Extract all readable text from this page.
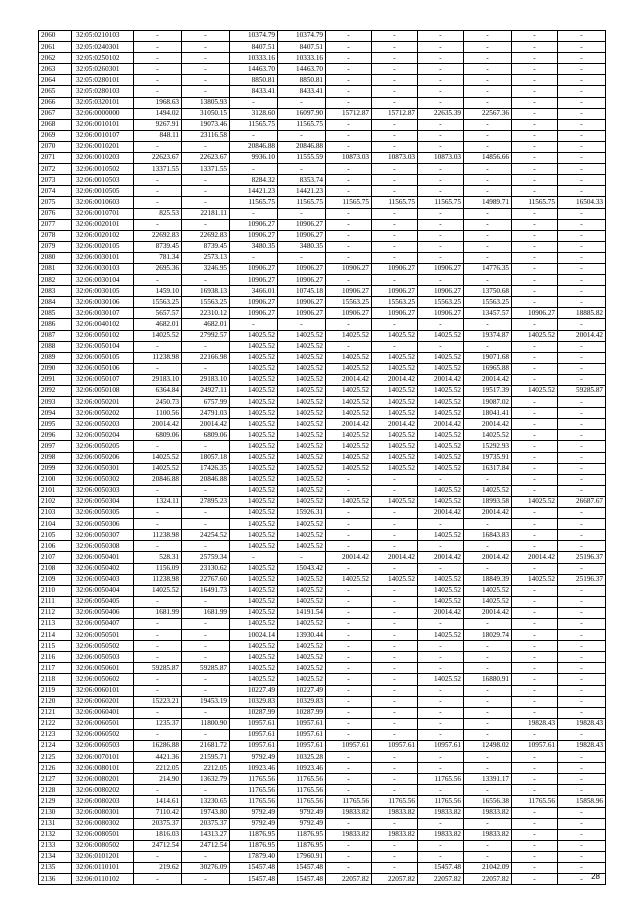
2060	32:05:0210103	-	-	10374.79	10374.79	-	-	-	-	-	-
2061	32:05:0240301	-	-	8407.51	8407.51	-	-	-	-	-	-
2062	32:05:0250102	-	-	10333.16	10333.16	-	-	-	-	-	-
2063	32:05:0260301	-	-	14463.70	14463.70	-	-	-	-	-	-
2064	32:05:0280101	-	-	8850.81	8850.81	-	-	-	-	-	-
2065	32:05:0280103	-	-	8433.41	8433.41	-	-	-	-	-	-
2066	32:05:0320101	1968.63	13805.93	-	-	-	-	-	-	-	-
2067	32:06:0000000	1494.02	31050.15	3128.60	16097.90	15712.87	15712.87	22635.39	22567.36	-	-
2068	32:06:0010101	9267.91	19073.46	11565.75	11565.75	-	-	-	-	-	-
2069	32:06:0010107	848.11	23116.58	-	-	-	-	-	-	-	-
2070	32:06:0010201	-	-	20846.88	20846.88	-	-	-	-	-	-
2071	32:06:0010203	22623.67	22623.67	9936.10	11555.59	10873.03	10873.03	10873.03	14856.66	-	-
2072	32:06:0010502	13371.55	13371.55	-	-	-	-	-	-	-	-
2073	32:06:0010503	-	-	8284.32	8353.74	-	-	-	-	-	-
2074	32:06:0010505	-	-	14421.23	14421.23	-	-	-	-	-	-
2075	32:06:0010603	-	-	11565.75	11565.75	11565.75	11565.75	11565.75	14989.71	11565.75	16504.33
2076	32:06:0010701	825.53	22181.11	-	-	-	-	-	-	-	-
2077	32:06:0020101	-	-	10906.27	10906.27	-	-	-	-	-	-
2078	32:06:0020102	22692.83	22692.83	10906.27	10906.27	-	-	-	-	-	-
2079	32:06:0020105	8739.45	8739.45	3480.35	3480.35	-	-	-	-	-	-
2080	32:06:0030101	781.34	2573.13	-	-	-	-	-	-	-	-
2081	32:06:0030103	2695.36	3246.95	10906.27	10906.27	10906.27	10906.27	10906.27	14776.35	-	-
2082	32:06:0030104	-	-	10906.27	10906.27	-	-	-	-	-	-
2083	32:06:0030105	1459.10	16938.13	3466.01	10745.18	10906.27	10906.27	10906.27	13750.68	-	-
2084	32:06:0030106	15563.25	15563.25	10906.27	10906.27	15563.25	15563.25	15563.25	15563.25	-	-
2085	32:06:0030107	5657.57	22310.12	10906.27	10906.27	10906.27	10906.27	10906.27	13457.57	10906.27	18885.82
2086	32:06:0040102	4682.01	4682.01	-	-	-	-	-	-	-	-
2087	32:06:0050102	14025.52	27992.57	14025.52	14025.52	14025.52	14025.52	14025.52	19374.87	14025.52	20014.42
2088	32:06:0050104	-	-	14025.52	14025.52	-	-	-	-	-	-
2089	32:06:0050105	11238.98	22166.98	14025.52	14025.52	14025.52	14025.52	14025.52	19071.68	-	-
2090	32:06:0050106	-	-	14025.52	14025.52	14025.52	14025.52	14025.52	16965.88	-	-
2091	32:06:0050107	29183.10	29183.10	14025.52	14025.52	20014.42	20014.42	20014.42	20014.42	-	-
2092	32:06:0050108	6364.84	24927.11	14025.52	14025.52	14025.52	14025.52	14025.52	19517.39	14025.52	59285.87
2093	32:06:0050201	2450.73	6757.99	14025.52	14025.52	14025.52	14025.52	14025.52	19087.02	-	-
2094	32:06:0050202	1100.56	24791.03	14025.52	14025.52	14025.52	14025.52	14025.52	18041.41	-	-
2095	32:06:0050203	20014.42	20014.42	14025.52	14025.52	20014.42	20014.42	20014.42	20014.42	-	-
2096	32:06:0050204	6809.06	6809.06	14025.52	14025.52	14025.52	14025.52	14025.52	14025.52	-	-
2097	32:06:0050205	-	-	14025.52	14025.52	14025.52	14025.52	14025.52	15292.93	-	-
2098	32:06:0050206	14025.52	18057.18	14025.52	14025.52	14025.52	14025.52	14025.52	19735.91	-	-
2099	32:06:0050301	14025.52	17426.35	14025.52	14025.52	14025.52	14025.52	14025.52	16317.84	-	-
2100	32:06:0050302	20846.88	20846.88	14025.52	14025.52	-	-	-	-	-	-
2101	32:06:0050303	-	-	14025.52	14025.52	-	-	14025.52	14025.52	-	-
2102	32:06:0050304	1324.11	27895.23	14025.52	14025.52	14025.52	14025.52	14025.52	18993.58	14025.52	26687.67
2103	32:06:0050305	-	-	14025.52	15926.31	-	-	20014.42	20014.42	-	-
2104	32:06:0050306	-	-	14025.52	14025.52	-	-	-	-	-	-
2105	32:06:0050307	11238.98	24254.52	14025.52	14025.52	-	-	14025.52	16843.83	-	-
2106	32:06:0050308	-	-	14025.52	14025.52	-	-	-	-	-	-
2107	32:06:0050401	528.31	25759.34	-	-	20014.42	20014.42	20014.42	20014.42	20014.42	25196.37
2108	32:06:0050402	1156.09	23130.62	14025.52	15043.42	-	-	-	-	-	-
2109	32:06:0050403	11238.98	22767.60	14025.52	14025.52	14025.52	14025.52	14025.52	18849.39	14025.52	25196.37
2110	32:06:0050404	14025.52	16491.73	14025.52	14025.52	-	-	14025.52	14025.52	-	-
2111	32:06:0050405	-	-	14025.52	14025.52	-	-	14025.52	14025.52	-	-
2112	32:06:0050406	1681.99	1681.99	14025.52	14191.54	-	-	20014.42	20014.42	-	-
2113	32:06:0050407	-	-	14025.52	14025.52	-	-	-	-	-	-
2114	32:06:0050501	-	-	10024.14	13930.44	-	-	14025.52	18029.74	-	-
2115	32:06:0050502	-	-	14025.52	14025.52	-	-	-	-	-	-
2116	32:06:0050503	-	-	14025.52	14025.52	-	-	-	-	-	-
2117	32:06:0050601	59285.87	59285.87	14025.52	14025.52	-	-	-	-	-	-
2118	32:06:0050602	-	-	14025.52	14025.52	-	-	14025.52	16880.91	-	-
2119	32:06:0060101	-	-	10227.49	10227.49	-	-	-	-	-	-
2120	32:06:0060201	15223.21	19453.19	10329.83	10329.83	-	-	-	-	-	-
2121	32:06:0060401	-	-	10287.99	10287.99	-	-	-	-	-	-
2122	32:06:0060501	1235.37	11800.90	10957.61	10957.61	-	-	-	-	19828.43	19828.43
2123	32:06:0060502	-	-	10957.61	10957.61	-	-	-	-	-	-
2124	32:06:0060503	16286.88	21681.72	10957.61	10957.61	10957.61	10957.61	10957.61	12498.02	10957.61	19828.43
2125	32:06:0070101	4421.36	21595.71	9792.49	10325.28	-	-	-	-	-	-
2126	32:06:0080101	2212.05	2212.05	10923.46	10923.46	-	-	-	-	-	-
2127	32:06:0080201	214.90	13632.79	11765.56	11765.56	-	-	11765.56	13391.17	-	-
2128	32:06:0080202	-	-	11765.56	11765.56	-	-	-	-	-	-
2129	32:06:0080203	1414.61	13230.65	11765.56	11765.56	11765.56	11765.56	11765.56	16556.38	11765.56	15858.96
2130	32:06:0080301	7110.42	19743.80	9792.49	9792.49	19833.82	19833.82	19833.82	19833.82	-	-
2131	32:06:0080302	20375.37	20375.37	9792.49	9792.49	-	-	-	-	-	-
2132	32:06:0080501	1816.03	14313.27	11876.95	11876.95	19833.82	19833.82	19833.82	19833.82	-	-
2133	32:06:0080502	24712.54	24712.54	11876.95	11876.95	-	-	-	-	-	-
2134	32:06:0101201	-	-	17879.40	17960.91	-	-	-	-	-	-
2135	32:06:0110101	219.62	30276.09	15457.48	15457.48	-	-	15457.48	21042.09	-	-
2136	32:06:0110102	-	-	15457.48	15457.48	22057.82	22057.82	22057.82	22057.82	-	- 28
